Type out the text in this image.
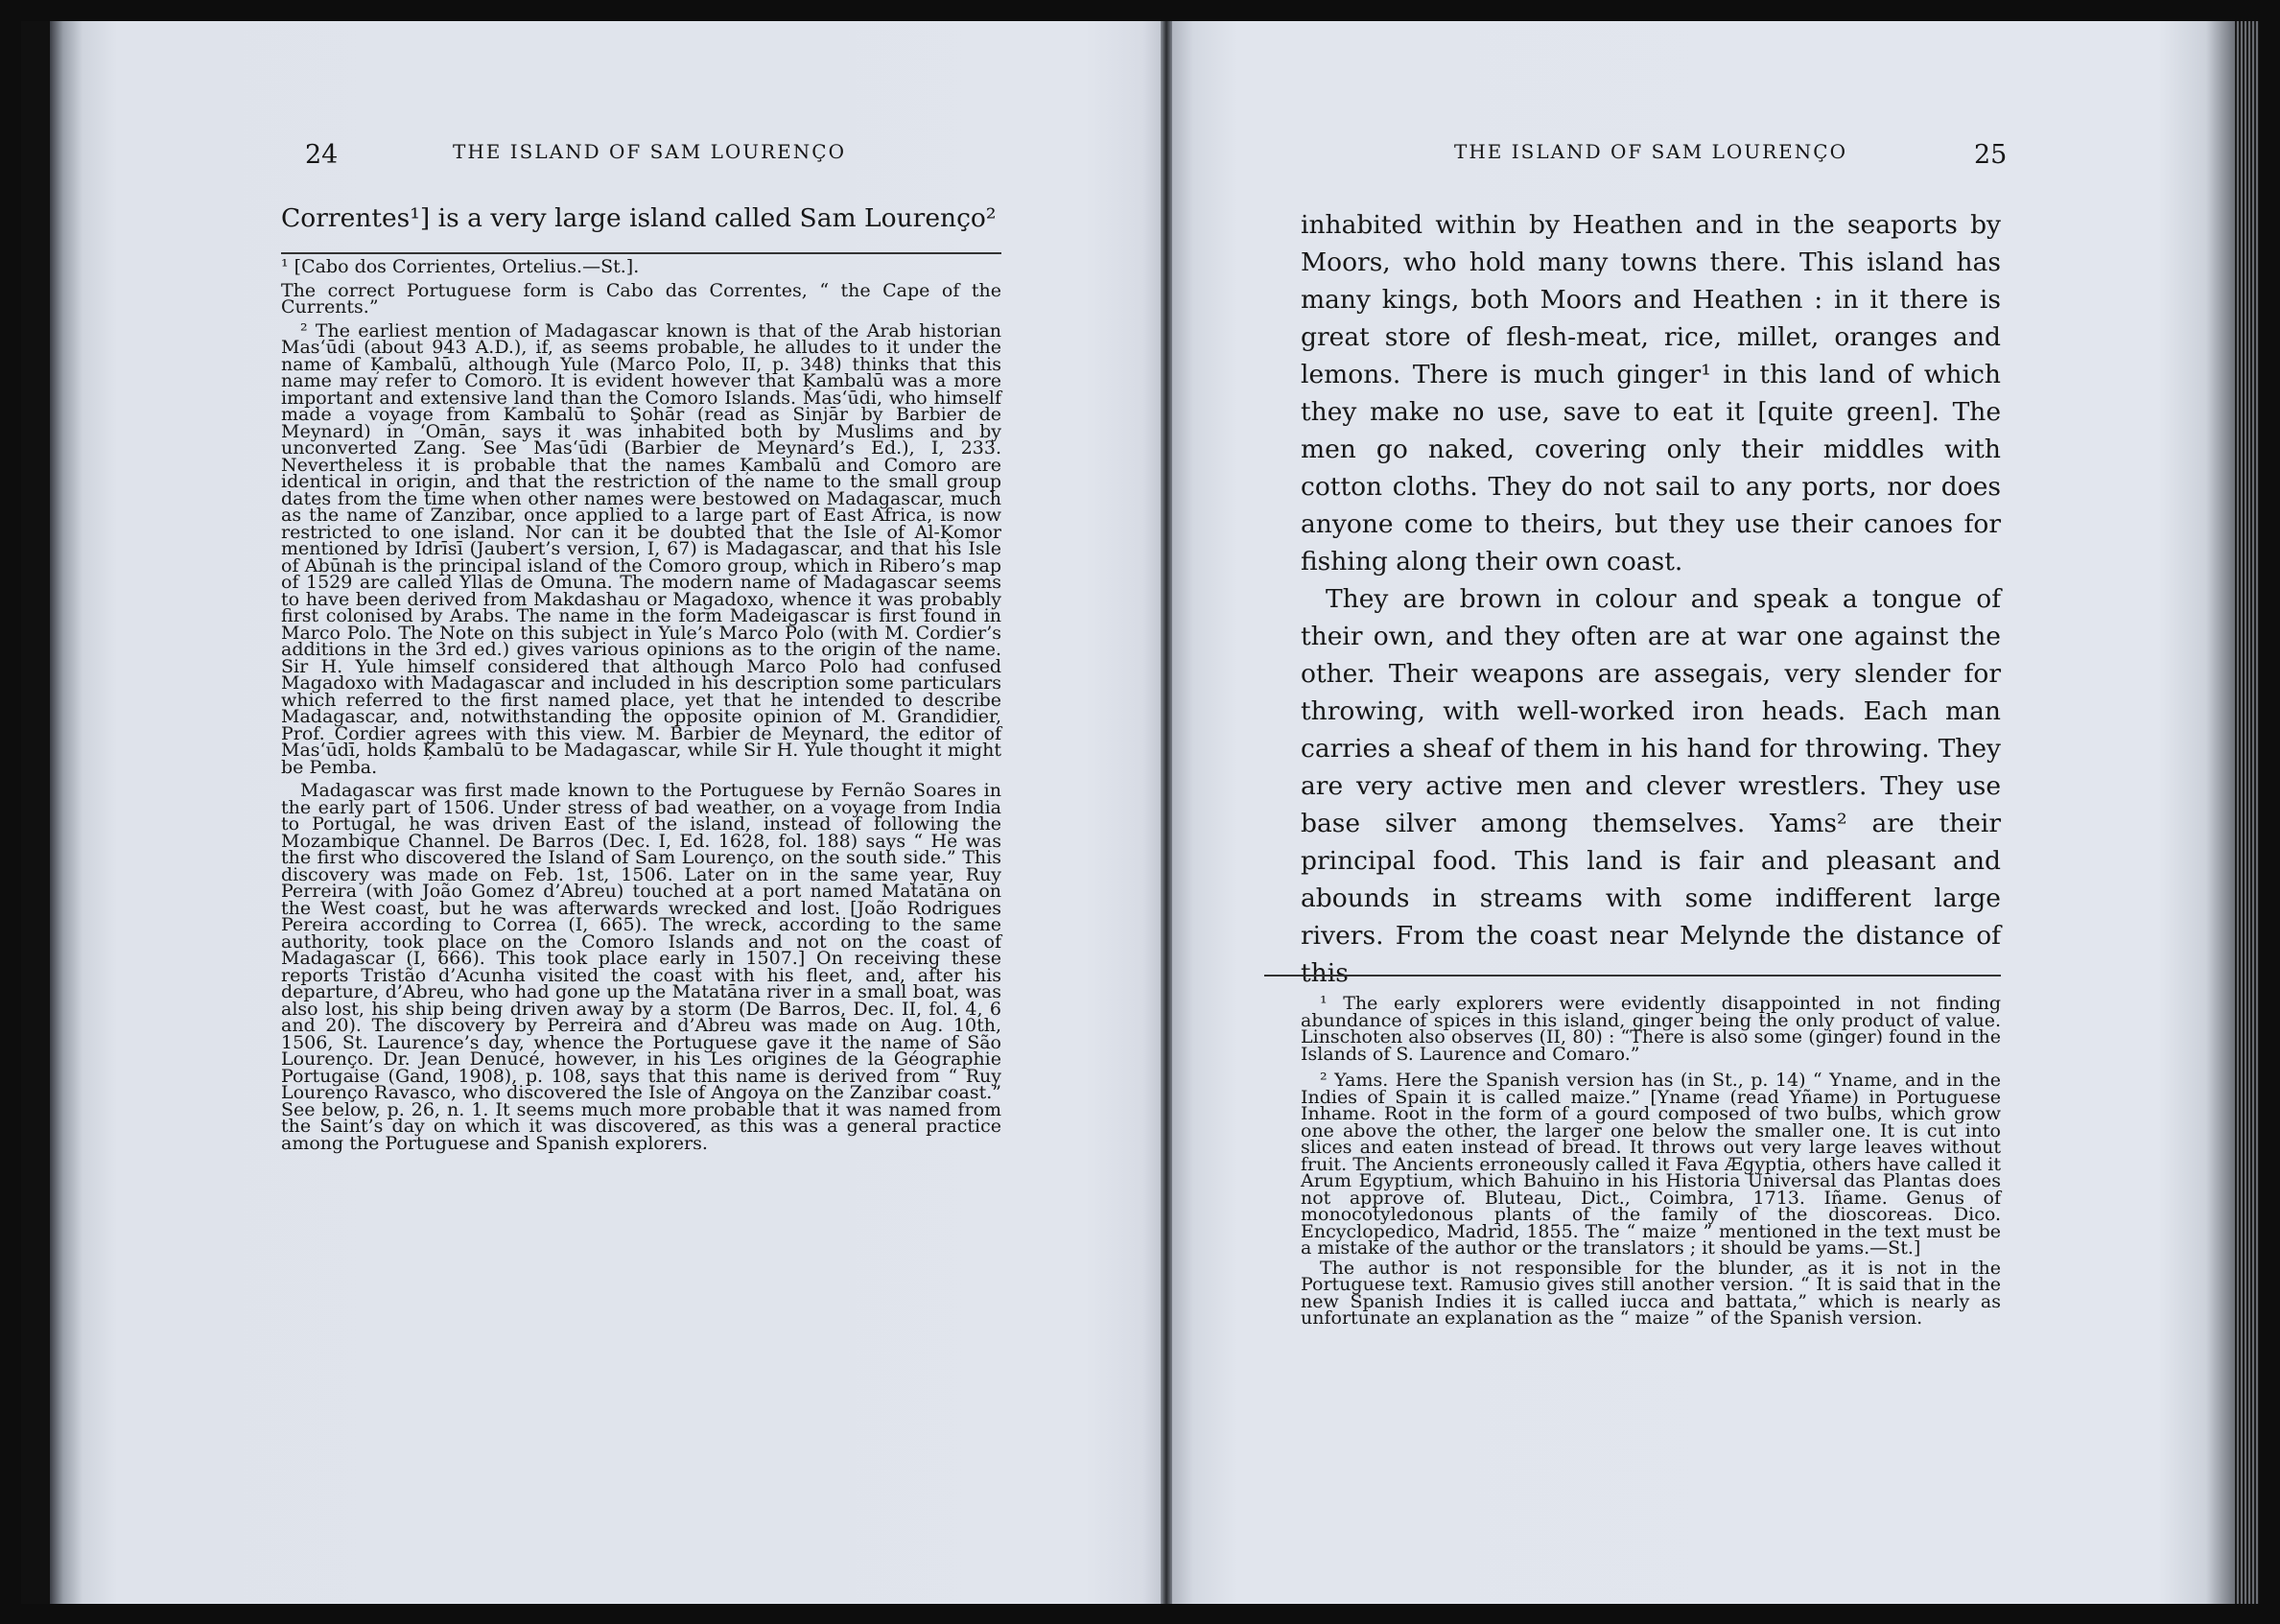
24	THE ISLAND OF SAM LOURENÇO
Correntes¹] is a very large island called Sam Lourenço²

¹ [Cabo dos Corrientes, Ortelius.—St.].

The correct Portuguese form is Cabo das Correntes, “ the Cape of the Currents.”

² The earliest mention of Madagascar known is that of the Arab historian Mas‘ūdi (about 943 A.D.), if, as seems probable, he alludes to it under the name of Ķambalū, although Yule (Marco Polo, II, p. 348) thinks that this name may refer to Comoro. It is evident however that Ķambalū was a more important and extensive land than the Comoro Islands. Mas‘ūdi, who himself made a voyage from Kambalū to Şohār (read as Sinjār by Barbier de Meynard) in ‘Omān, says it was inhabited both by Muslims and by unconverted Zang. See Mas‘ūdi (Barbier de Meynard’s Ed.), I, 233. Nevertheless it is probable that the names Ķambalū and Comoro are identical in origin, and that the restriction of the name to the small group dates from the time when other names were bestowed on Madagascar, much as the name of Zanzibar, once applied to a large part of East Africa, is now restricted to one island. Nor can it be doubted that the Isle of Al-Ķomor mentioned by Idrīsī (Jaubert’s version, I, 67) is Madagascar, and that his Isle of Abūnah is the principal island of the Comoro group, which in Ribero’s map of 1529 are called Yllas de Omuna. The modern name of Madagascar seems to have been derived from Makdashau or Magadoxo, whence it was probably first colonised by Arabs. The name in the form Madeigascar is first found in Marco Polo. The Note on this subject in Yule’s Marco Polo (with M. Cordier’s additions in the 3rd ed.) gives various opinions as to the origin of the name. Sir H. Yule himself considered that although Marco Polo had confused Magadoxo with Madagascar and included in his description some particulars which referred to the first named place, yet that he intended to describe Madagascar, and, notwithstanding the opposite opinion of M. Grandidier, Prof. Cordier agrees with this view. M. Barbier de Meynard, the editor of Mas‘ūdī, holds Ķambalū to be Madagascar, while Sir H. Yule thought it might be Pemba.

Madagascar was first made known to the Portuguese by Fernão Soares in the early part of 1506. Under stress of bad weather, on a voyage from India to Portugal, he was driven East of the island, instead of following the Mozambique Channel. De Barros (Dec. I, Ed. 1628, fol. 188) says “ He was the first who discovered the Island of Sam Lourenço, on the south side.” This discovery was made on Feb. 1st, 1506. Later on in the same year, Ruy Perreira (with João Gomez d’Abreu) touched at a port named Matatāna on the West coast, but he was afterwards wrecked and lost. [João Rodrigues Pereira according to Correa (I, 665). The wreck, according to the same authority, took place on the Comoro Islands and not on the coast of Madagascar (I, 666). This took place early in 1507.] On receiving these reports Tristão d’Acunha visited the coast with his fleet, and, after his departure, d’Abreu, who had gone up the Matatāna river in a small boat, was also lost, his ship being driven away by a storm (De Barros, Dec. II, fol. 4, 6 and 20). The discovery by Perreira and d’Abreu was made on Aug. 10th, 1506, St. Laurence’s day, whence the Portuguese gave it the name of São Lourenço. Dr. Jean Denucé, however, in his Les origines de la Géographie Portugaise (Gand, 1908), p. 108, says that this name is derived from “ Ruy Lourenço Ravasco, who discovered the Isle of Angoya on the Zanzibar coast.” See below, p. 26, n. 1. It seems much more probable that it was named from the Saint’s day on which it was discovered, as this was a general practice among the Portuguese and Spanish explorers.

THE ISLAND OF SAM LOURENÇO	25

inhabited within by Heathen and in the seaports by Moors, who hold many towns there. This island has many kings, both Moors and Heathen : in it there is great store of flesh-meat, rice, millet, oranges and lemons. There is much ginger¹ in this land of which they make no use, save to eat it [quite green]. The men go naked, covering only their middles with cotton cloths. They do not sail to any ports, nor does anyone come to theirs, but they use their canoes for fishing along their own coast.

They are brown in colour and speak a tongue of their own, and they often are at war one against the other. Their weapons are assegais, very slender for throwing, with well-worked iron heads. Each man carries a sheaf of them in his hand for throwing. They are very active men and clever wrestlers. They use base silver among themselves. Yams² are their principal food. This land is fair and pleasant and abounds in streams with some indifferent large rivers. From the coast near Melynde the distance of this

¹ The early explorers were evidently disappointed in not finding abundance of spices in this island, ginger being the only product of value. Linschoten also observes (II, 80) : “There is also some (ginger) found in the Islands of S. Laurence and Comaro.”

² Yams. Here the Spanish version has (in St., p. 14) “ Yname, and in the Indies of Spain it is called maize.” [Yname (read Yñame) in Portuguese Inhame. Root in the form of a gourd composed of two bulbs, which grow one above the other, the larger one below the smaller one. It is cut into slices and eaten instead of bread. It throws out very large leaves without fruit. The Ancients erroneously called it Fava Ægyptia, others have called it Arum Egyptium, which Bahuino in his Historia Universal das Plantas does not approve of. Bluteau, Dict., Coimbra, 1713. Iñame. Genus of monocotyledonous plants of the family of the dioscoreas. Dico. Encyclopedico, Madrid, 1855. The “ maize ” mentioned in the text must be a mistake of the author or the translators ; it should be yams.—St.]

The author is not responsible for the blunder, as it is not in the Portuguese text. Ramusio gives still another version. “ It is said that in the new Spanish Indies it is called iucca and battata,” which is nearly as unfortunate an explanation as the “ maize ” of the Spanish version.
